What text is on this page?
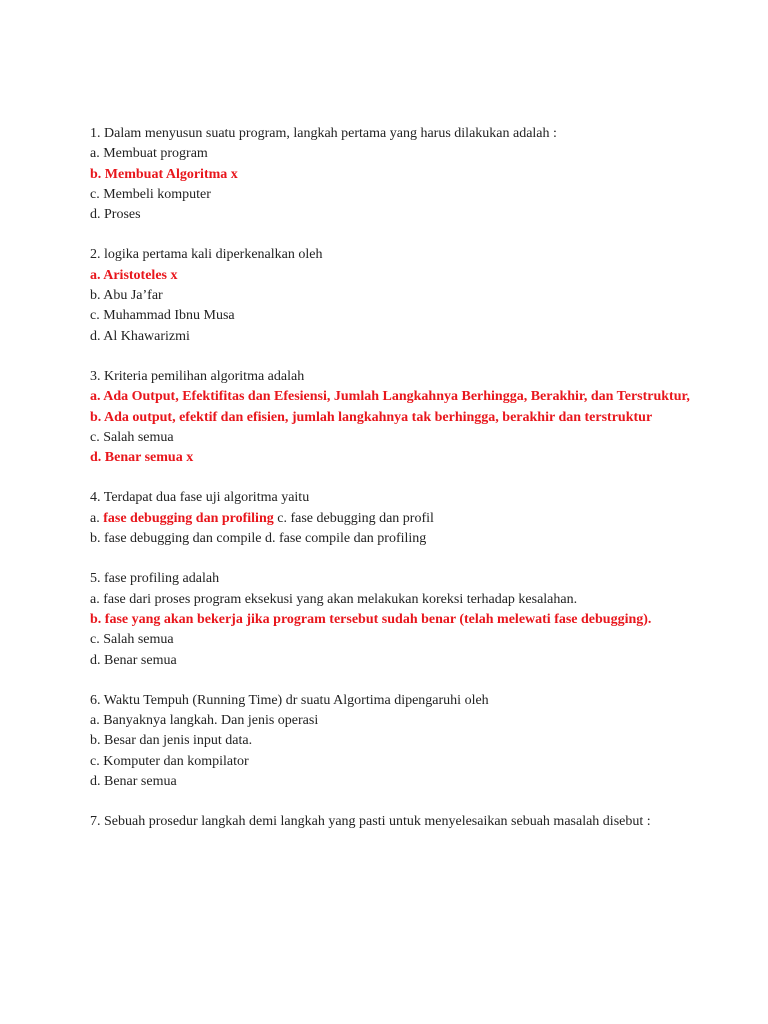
1. Dalam menyusun suatu program, langkah pertama yang harus dilakukan adalah :
a. Membuat program
b. Membuat Algoritma x
c. Membeli komputer
d. Proses
2. logika pertama kali diperkenalkan oleh
a. Aristoteles x
b. Abu Ja’far
c. Muhammad Ibnu Musa
d. Al Khawarizmi
3. Kriteria pemilihan algoritma adalah
a. Ada Output, Efektifitas dan Efesiensi, Jumlah Langkahnya Berhingga, Berakhir, dan Terstruktur,
b. Ada output, efektif dan efisien, jumlah langkahnya tak berhingga, berakhir dan terstruktur
c. Salah semua
d. Benar semua x
4. Terdapat dua fase uji algoritma yaitu
a. fase debugging dan profiling c. fase debugging dan profil
b. fase debugging dan compile d. fase compile dan profiling
5. fase profiling adalah
a. fase dari proses program eksekusi yang akan melakukan koreksi terhadap kesalahan.
b. fase yang akan bekerja jika program tersebut sudah benar (telah melewati fase debugging).
c. Salah semua
d. Benar semua
6. Waktu Tempuh (Running Time) dr suatu Algortima dipengaruhi oleh
a. Banyaknya langkah. Dan jenis operasi
b. Besar dan jenis input data.
c. Komputer dan kompilator
d. Benar semua
7. Sebuah prosedur langkah demi langkah yang pasti untuk menyelesaikan sebuah masalah disebut :
